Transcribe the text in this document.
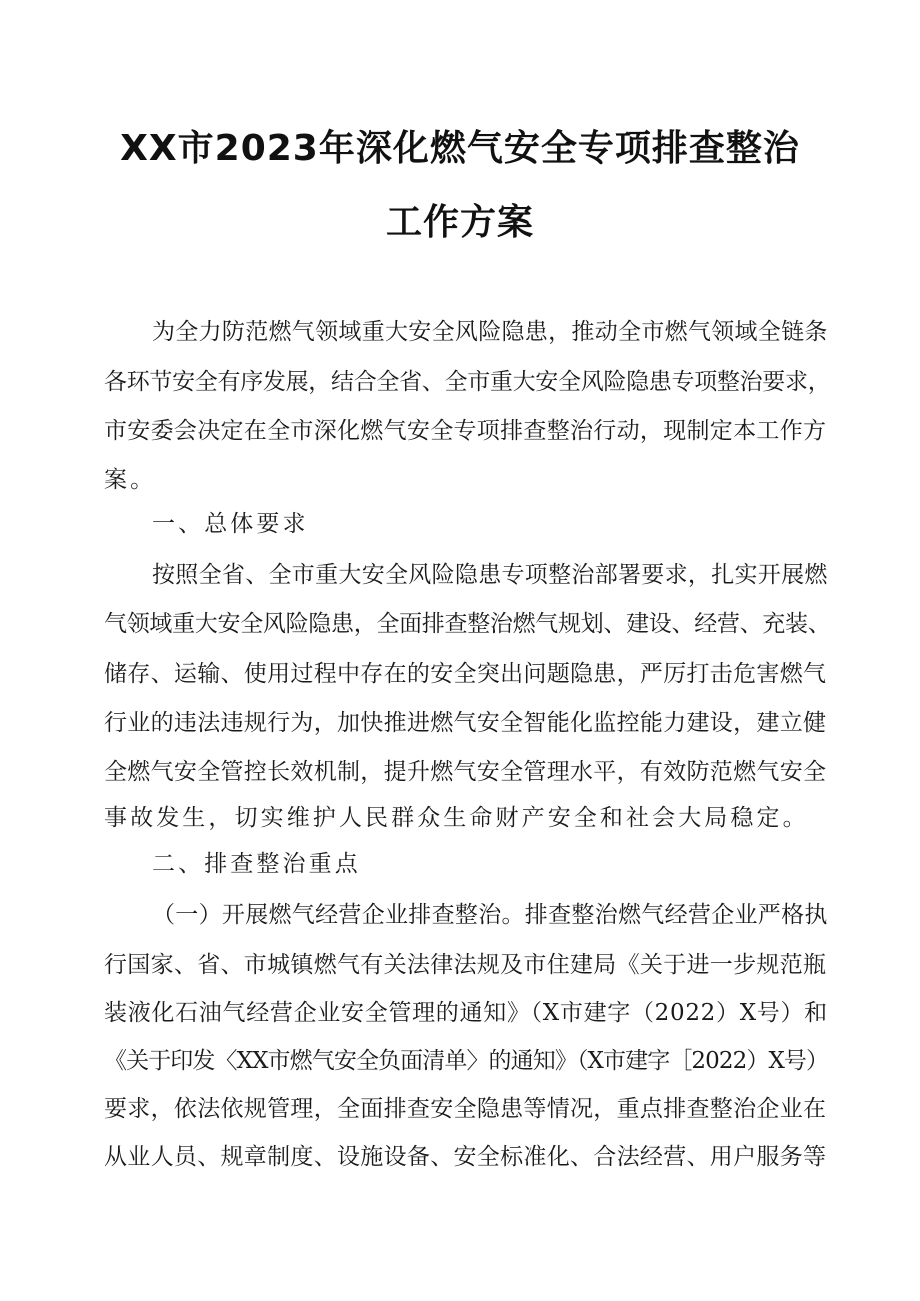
XX市2023年深化燃气安全专项排查整治
工作方案
为全力防范燃气领域重大安全风险隐患，推动全市燃气领域全链条
各环节安全有序发展，结合全省、全市重大安全风险隐患专项整治要求，
市安委会决定在全市深化燃气安全专项排查整治行动，现制定本工作方
案。
一、总体要求
按照全省、全市重大安全风险隐患专项整治部署要求，扎实开展燃
气领域重大安全风险隐患，全面排查整治燃气规划、建设、经营、充装、
储存、运输、使用过程中存在的安全突出问题隐患，严厉打击危害燃气
行业的违法违规行为，加快推进燃气安全智能化监控能力建设，建立健
全燃气安全管控长效机制，提升燃气安全管理水平，有效防范燃气安全
事故发生，切实维护人民群众生命财产安全和社会大局稳定。
二、排查整治重点
（一）开展燃气经营企业排查整治。排查整治燃气经营企业严格执
行国家、省、市城镇燃气有关法律法规及市住建局《关于进一步规范瓶
装液化石油气经营企业安全管理的通知》（X市建字（2022）X号）和
《关于印发〈XX市燃气安全负面清单〉的通知》（X市建字［2022）X号）
要求，依法依规管理，全面排查安全隐患等情况，重点排查整治企业在
从业人员、规章制度、设施设备、安全标准化、合法经营、用户服务等
